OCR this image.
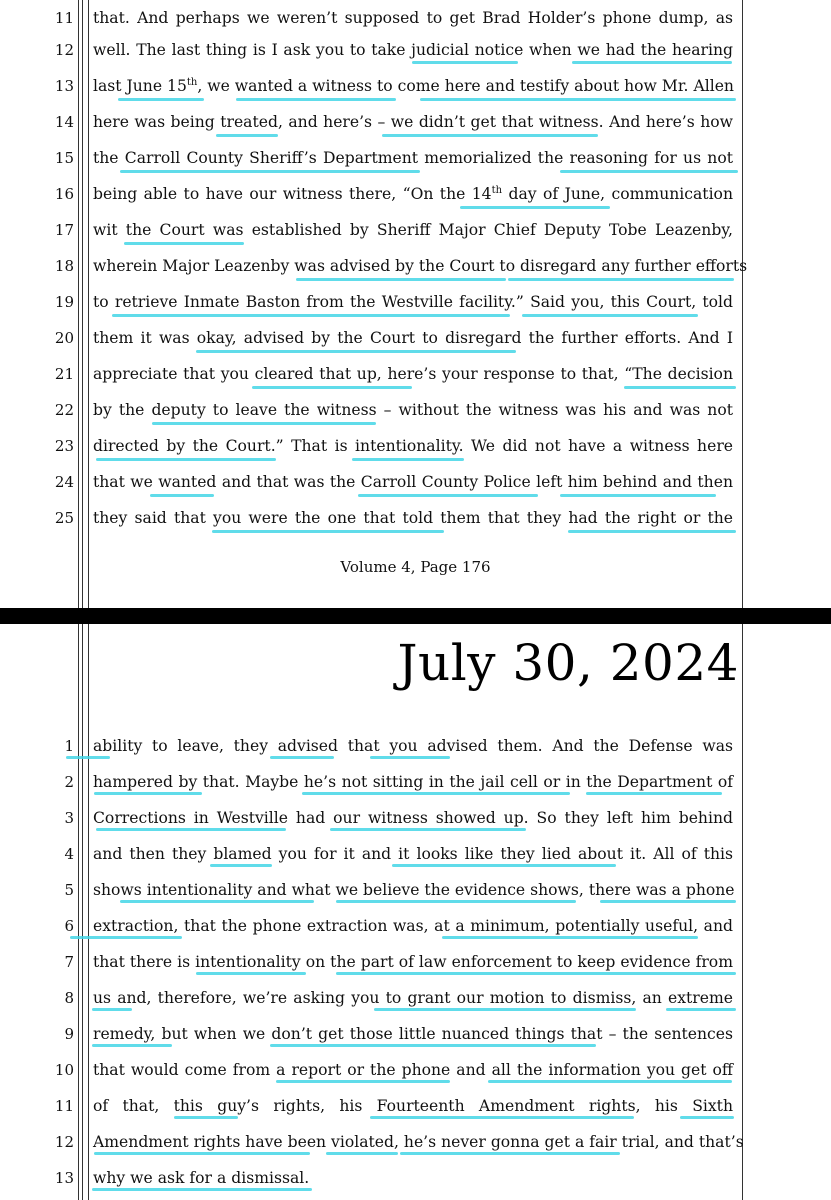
11 that. And perhaps we weren’t supposed to get Brad Holder’s phone dump, as
12 well. The last thing is I ask you to take judicial notice when we had the hearing
13 last June 15th, we wanted a witness to come here and testify about how Mr. Allen
14 here was being treated, and here’s – we didn’t get that witness. And here’s how
15 the Carroll County Sheriff’s Department memorialized the reasoning for us not
16 being able to have our witness there, “On the 14th day of June, communication
17 wit the Court was established by Sheriff Major Chief Deputy Tobe Leazenby,
18 wherein Major Leazenby was advised by the Court to disregard any further efforts
19 to retrieve Inmate Baston from the Westville facility.” Said you, this Court, told
20 them it was okay, advised by the Court to disregard the further efforts. And I
21 appreciate that you cleared that up, here’s your response to that, “The decision
22 by the deputy to leave the witness – without the witness was his and was not
23 directed by the Court.” That is intentionality. We did not have a witness here
24 that we wanted and that was the Carroll County Police left him behind and then
25 they said that you were the one that told them that they had the right or the
Volume 4, Page 176
July 30, 2024
1 ability to leave, they advised that you advised them. And the Defense was
2 hampered by that. Maybe he’s not sitting in the jail cell or in the Department of
3 Corrections in Westville had our witness showed up. So they left him behind
4 and then they blamed you for it and it looks like they lied about it. All of this
5 shows intentionality and what we believe the evidence shows, there was a phone
6 extraction, that the phone extraction was, at a minimum, potentially useful, and
7 that there is intentionality on the part of law enforcement to keep evidence from
8 us and, therefore, we’re asking you to grant our motion to dismiss, an extreme
9 remedy, but when we don’t get those little nuanced things that – the sentences
10 that would come from a report or the phone and all the information you get off
11 of that, this guy’s rights, his Fourteenth Amendment rights, his Sixth
12 Amendment rights have been violated, he’s never gonna get a fair trial, and that’s
13 why we ask for a dismissal.
